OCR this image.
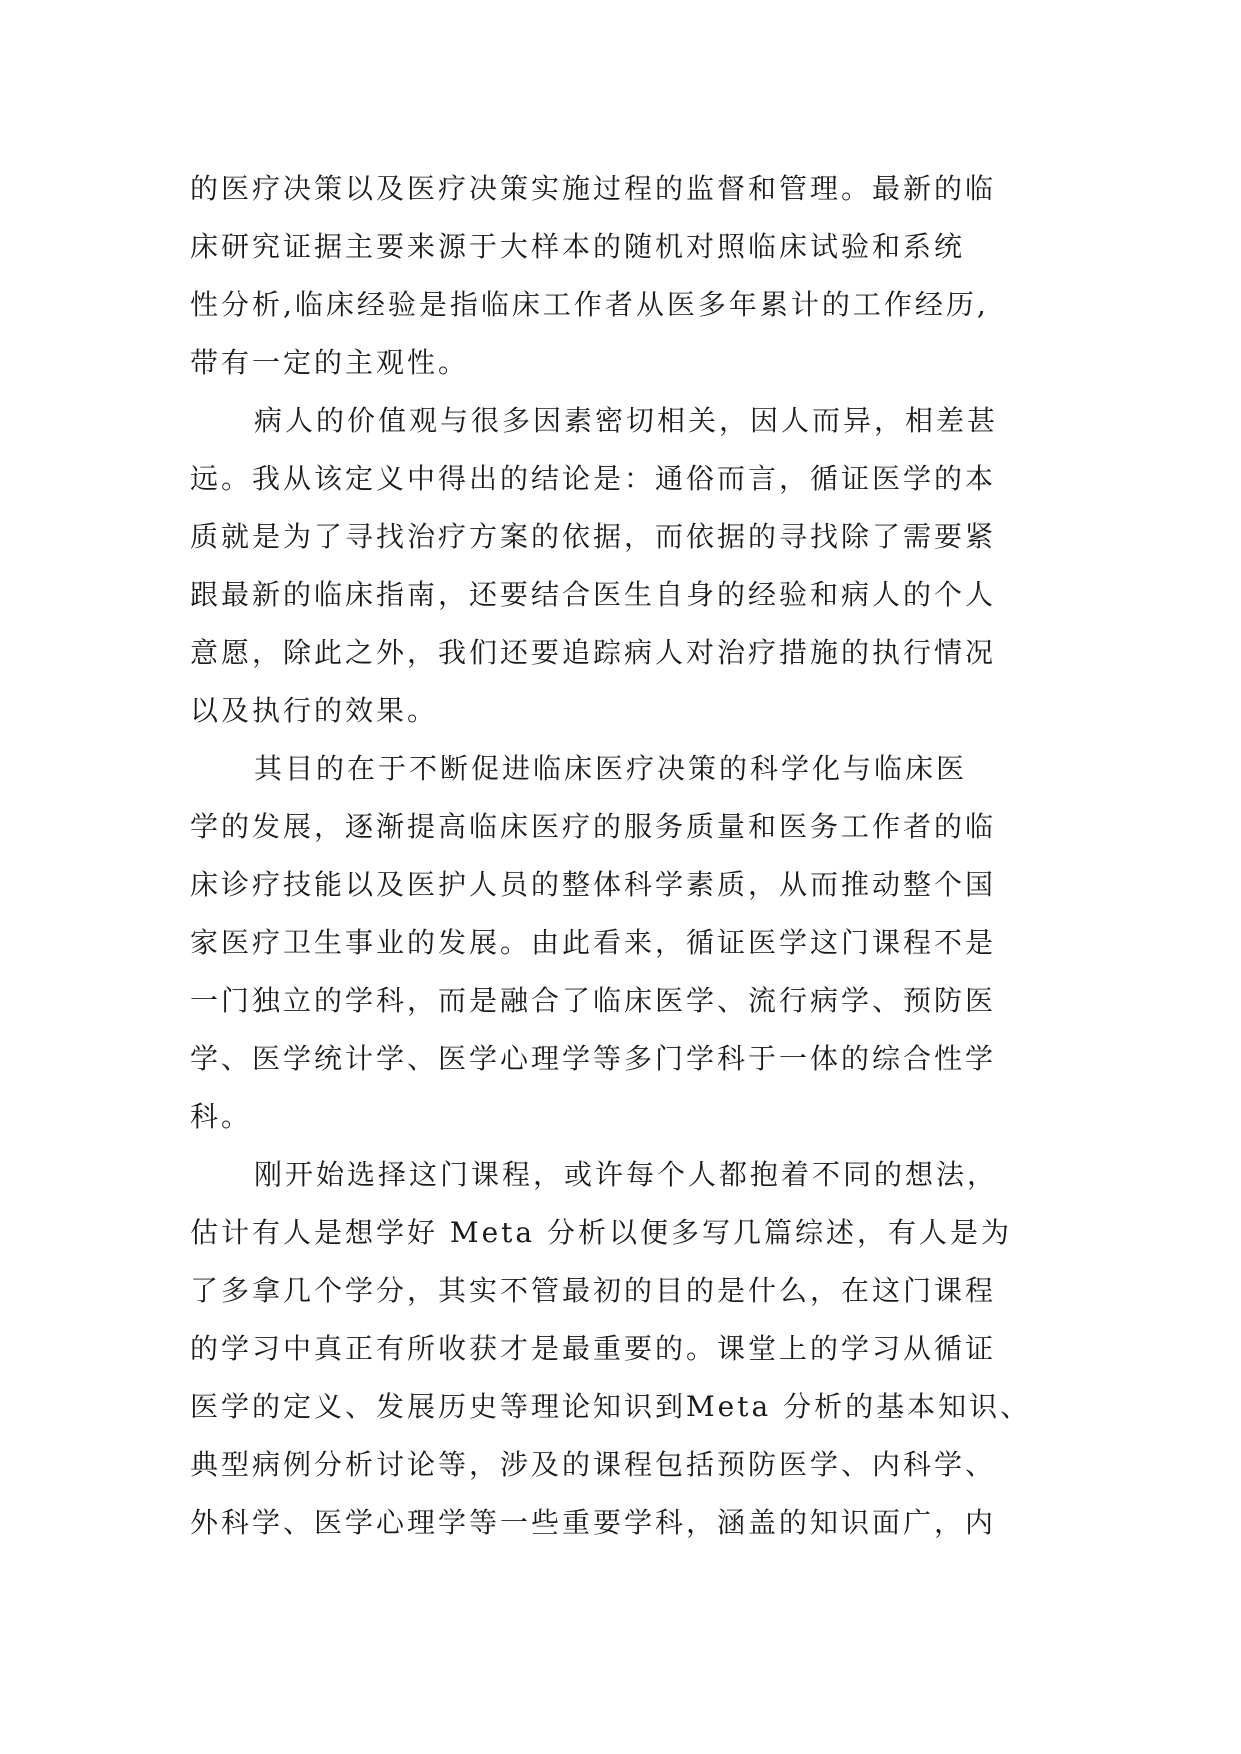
的医疗决策以及医疗决策实施过程的监督和管理。最新的临
床研究证据主要来源于大样本的随机对照临床试验和系统
性分析,临床经验是指临床工作者从医多年累计的工作经历,
带有一定的主观性。
病人的价值观与很多因素密切相关，因人而异，相差甚
远。我从该定义中得出的结论是：通俗而言，循证医学的本
质就是为了寻找治疗方案的依据，而依据的寻找除了需要紧
跟最新的临床指南，还要结合医生自身的经验和病人的个人
意愿，除此之外，我们还要追踪病人对治疗措施的执行情况
以及执行的效果。
其目的在于不断促进临床医疗决策的科学化与临床医
学的发展，逐渐提高临床医疗的服务质量和医务工作者的临
床诊疗技能以及医护人员的整体科学素质，从而推动整个国
家医疗卫生事业的发展。由此看来，循证医学这门课程不是
一门独立的学科，而是融合了临床医学、流行病学、预防医
学、医学统计学、医学心理学等多门学科于一体的综合性学
科。
刚开始选择这门课程，或许每个人都抱着不同的想法，
估计有人是想学好 Meta 分析以便多写几篇综述，有人是为
了多拿几个学分，其实不管最初的目的是什么，在这门课程
的学习中真正有所收获才是最重要的。课堂上的学习从循证
医学的定义、发展历史等理论知识到Meta 分析的基本知识、
典型病例分析讨论等，涉及的课程包括预防医学、内科学、
外科学、医学心理学等一些重要学科，涵盖的知识面广，内
